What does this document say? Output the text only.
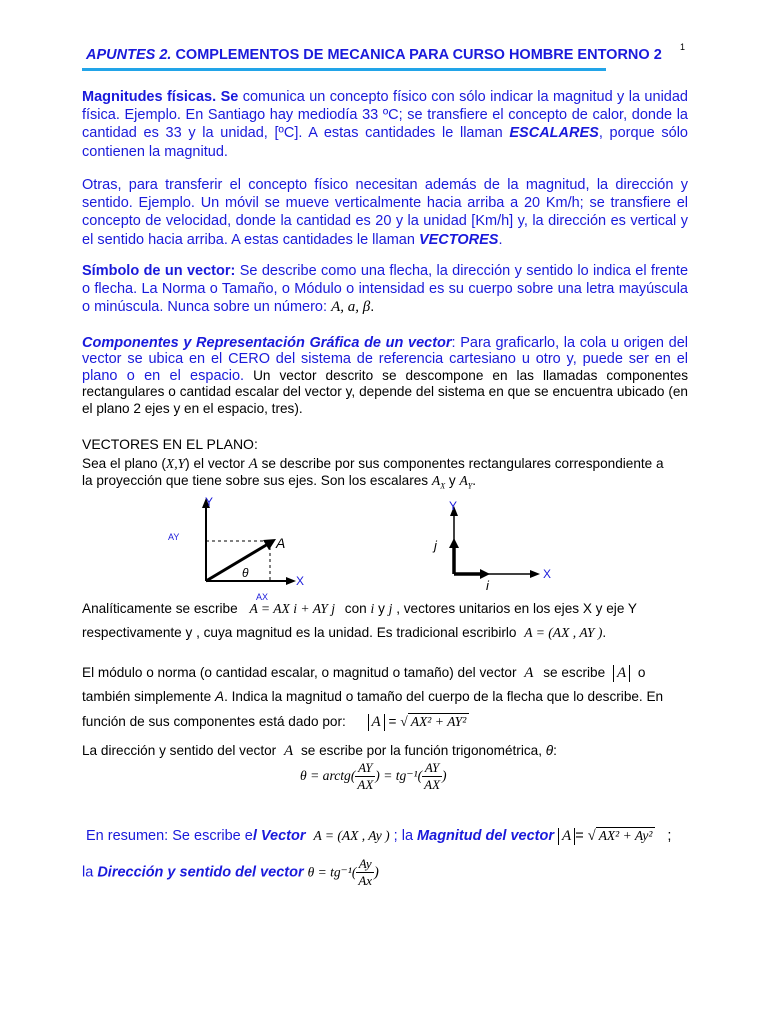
APUNTES 2. COMPLEMENTOS DE MECANICA PARA CURSO HOMBRE ENTORNO 2	1
Magnitudes físicas. Se comunica un concepto físico con sólo indicar la magnitud y la unidad física. Ejemplo. En Santiago hay mediodía 33 ºC; se transfiere el concepto de calor, donde la cantidad es 33 y la unidad, [ºC]. A estas cantidades le llaman ESCALARES, porque sólo contienen la magnitud.
Otras, para transferir el concepto físico necesitan además de la magnitud, la dirección y sentido. Ejemplo. Un móvil se mueve verticalmente hacia arriba a 20 Km/h; se transfiere el concepto de velocidad, donde la cantidad es 20 y la unidad [Km/h] y, la dirección es vertical y el sentido hacia arriba. A estas cantidades le llaman VECTORES.
Símbolo de un vector: Se describe como una flecha, la dirección y sentido lo indica el frente o flecha. La Norma o Tamaño, o Módulo o intensidad es su cuerpo sobre una letra mayúscula o minúscula. Nunca sobre un número: A, a, β.
Componentes y Representación Gráfica de un vector: Para graficarlo, la cola u origen del vector se ubica en el CERO del sistema de referencia cartesiano u otro y, puede ser en el plano o en el espacio. Un vector descrito se descompone en las llamadas componentes rectangulares o cantidad escalar del vector y, depende del sistema en que se encuentra ubicado (en el plano 2 ejes y en el espacio, tres).
VECTORES EN EL PLANO:
Sea el plano (X,Y) el vector A se describe por sus componentes rectangulares correspondiente a
la proyección que tiene sobre sus ejes. Son los escalares $A_X$ y $A_Y$.
Y
X
AY
AX
A
θ
Y
X
j
i
Analíticamente se escribe A = AX i + AY j con i y j , vectores unitarios en los ejes X y eje Y
respectivamente y , cuya magnitud es la unidad. Es tradicional escribirlo A = (AX , AY ).
El módulo o norma (o cantidad escalar, o magnitud o tamaño) del vector A se escribe A o
también simplemente A. Indica la magnitud o tamaño del cuerpo de la flecha que lo describe. En
función de sus componentes está dado por: A = √ AX² + AY²
La dirección y sentido del vector A se escribe por la función trigonométrica, θ:
θ = arctg( $\frac{AY}{AX}$ ) = $tg^{-1}( \frac{AY}{AX}$ )
En resumen: Se escribe el Vector A = (AX , Ay ) ; la Magnitud del vector A = √ AX² + Ay² ;
la Dirección y sentido del vector $\theta = tg^{-1}( \frac{Ay}{Ax}$ )
